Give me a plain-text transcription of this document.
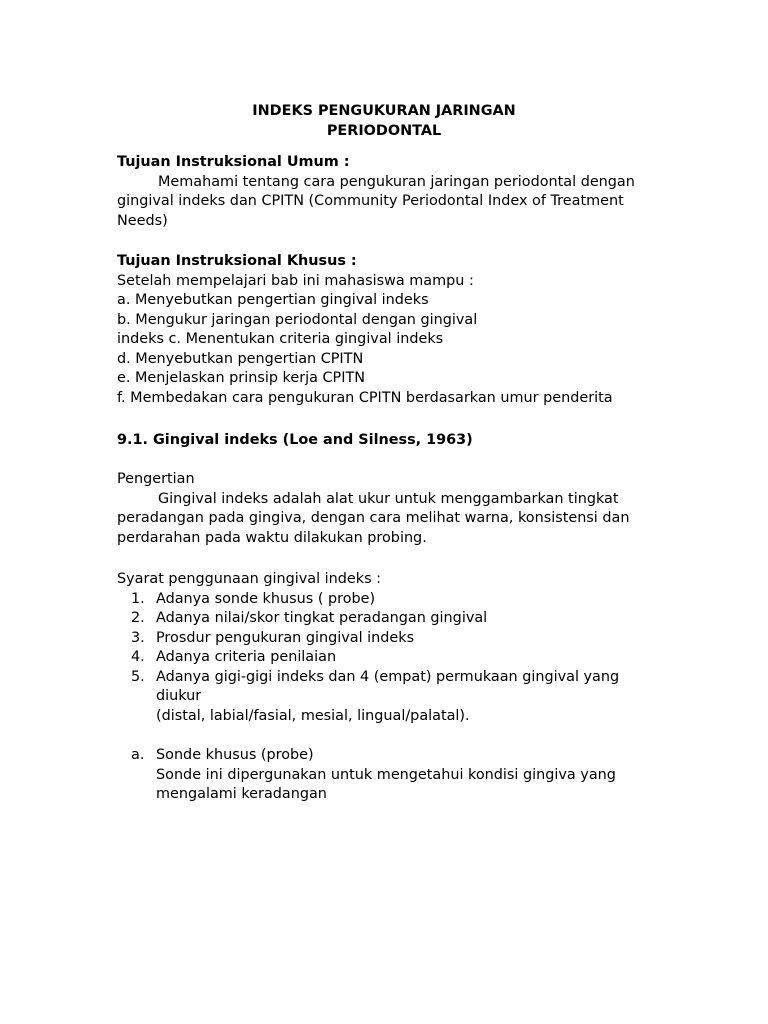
INDEKS PENGUKURAN JARINGAN
PERIODONTAL
Tujuan Instruksional Umum :
Memahami tentang cara pengukuran jaringan periodontal dengan
gingival indeks dan CPITN (Community Periodontal Index of Treatment
Needs)
Tujuan Instruksional Khusus :
Setelah mempelajari bab ini mahasiswa mampu :
a. Menyebutkan pengertian gingival indeks
b. Mengukur jaringan periodontal dengan gingival
indeks c. Menentukan criteria gingival indeks
d. Menyebutkan pengertian CPITN
e. Menjelaskan prinsip kerja CPITN
f. Membedakan cara pengukuran CPITN berdasarkan umur penderita
9.1. Gingival indeks (Loe and Silness, 1963)
Pengertian
Gingival indeks adalah alat ukur untuk menggambarkan tingkat
peradangan pada gingiva, dengan cara melihat warna, konsistensi dan
perdarahan pada waktu dilakukan probing.
Syarat penggunaan gingival indeks :
1. Adanya sonde khusus ( probe)
2. Adanya nilai/skor tingkat peradangan gingival
3. Prosdur pengukuran gingival indeks
4. Adanya criteria penilaian
5. Adanya gigi-gigi indeks dan 4 (empat) permukaan gingival yang
diukur
(distal, labial/fasial, mesial, lingual/palatal).
a. Sonde khusus (probe)
Sonde ini dipergunakan untuk mengetahui kondisi gingiva yang
mengalami keradangan
